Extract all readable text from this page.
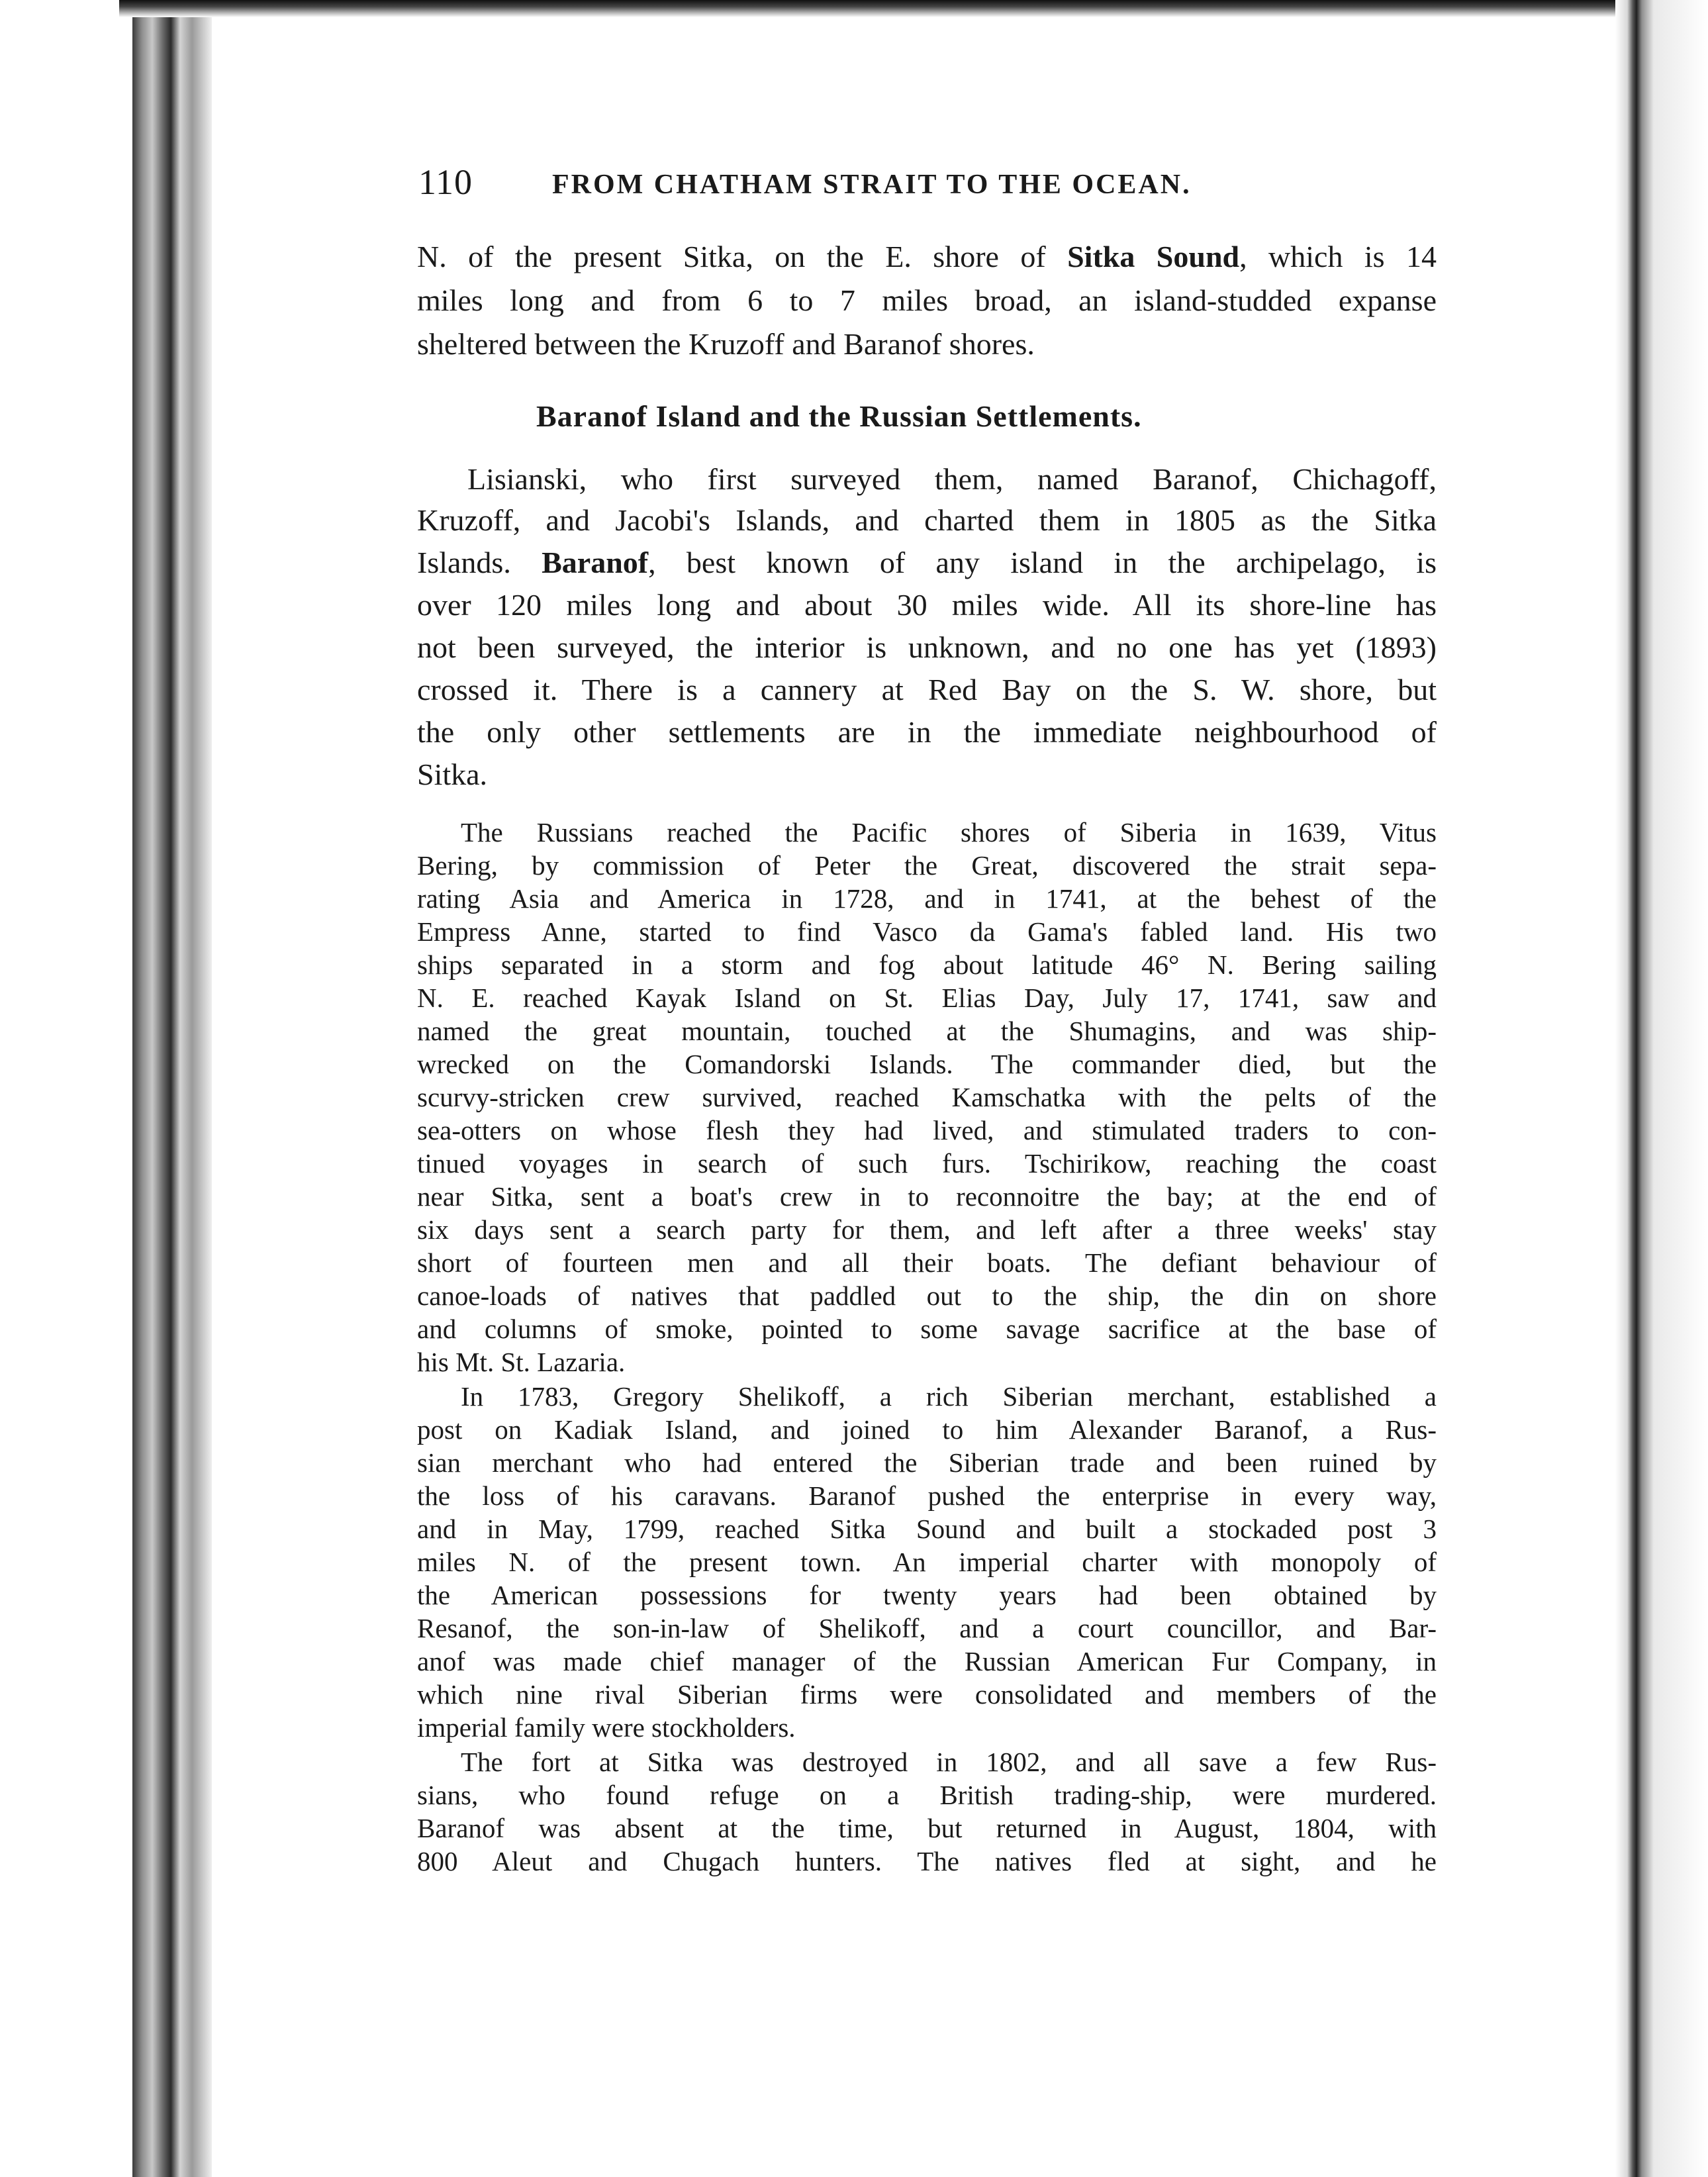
110	FROM CHATHAM STRAIT TO THE OCEAN.
N. of the present Sitka, on the E. shore of Sitka Sound, which is 14
miles long and from 6 to 7 miles broad, an island-studded expanse
sheltered between the Kruzoff and Baranof shores.
Baranof Island and the Russian Settlements.
Lisianski, who first surveyed them, named Baranof, Chichagoff,
Kruzoff, and Jacobi's Islands, and charted them in 1805 as the Sitka
Islands. Baranof, best known of any island in the archipelago, is
over 120 miles long and about 30 miles wide. All its shore-line has
not been surveyed, the interior is unknown, and no one has yet (1893)
crossed it. There is a cannery at Red Bay on the S. W. shore, but
the only other settlements are in the immediate neighbourhood of
Sitka.
The Russians reached the Pacific shores of Siberia in 1639, Vitus
Bering, by commission of Peter the Great, discovered the strait sepa-
rating Asia and America in 1728, and in 1741, at the behest of the
Empress Anne, started to find Vasco da Gama's fabled land. His two
ships separated in a storm and fog about latitude 46° N. Bering sailing
N. E. reached Kayak Island on St. Elias Day, July 17, 1741, saw and
named the great mountain, touched at the Shumagins, and was ship-
wrecked on the Comandorski Islands. The commander died, but the
scurvy-stricken crew survived, reached Kamschatka with the pelts of the
sea-otters on whose flesh they had lived, and stimulated traders to con-
tinued voyages in search of such furs. Tschirikow, reaching the coast
near Sitka, sent a boat's crew in to reconnoitre the bay; at the end of
six days sent a search party for them, and left after a three weeks' stay
short of fourteen men and all their boats. The defiant behaviour of
canoe-loads of natives that paddled out to the ship, the din on shore
and columns of smoke, pointed to some savage sacrifice at the base of
his Mt. St. Lazaria.
In 1783, Gregory Shelikoff, a rich Siberian merchant, established a
post on Kadiak Island, and joined to him Alexander Baranof, a Rus-
sian merchant who had entered the Siberian trade and been ruined by
the loss of his caravans. Baranof pushed the enterprise in every way,
and in May, 1799, reached Sitka Sound and built a stockaded post 3
miles N. of the present town. An imperial charter with monopoly of
the American possessions for twenty years had been obtained by
Resanof, the son-in-law of Shelikoff, and a court councillor, and Bar-
anof was made chief manager of the Russian American Fur Company, in
which nine rival Siberian firms were consolidated and members of the
imperial family were stockholders.
The fort at Sitka was destroyed in 1802, and all save a few Rus-
sians, who found refuge on a British trading-ship, were murdered.
Baranof was absent at the time, but returned in August, 1804, with
800 Aleut and Chugach hunters. The natives fled at sight, and he
